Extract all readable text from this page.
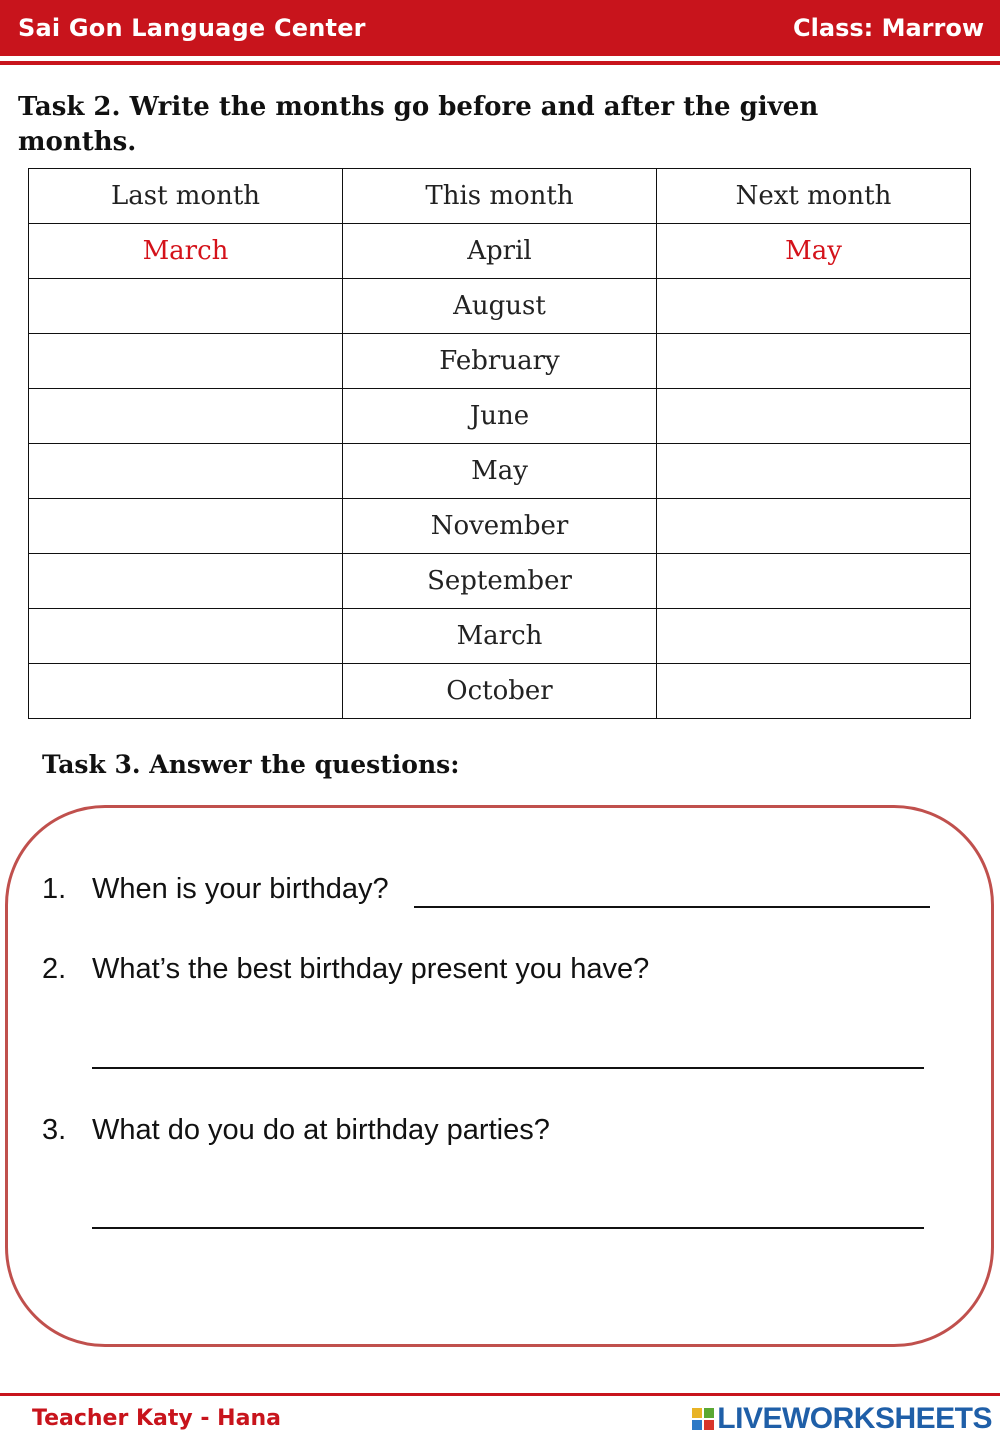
Sai Gon Language Center	Class: Marrow
Task 2. Write the months go before and after the given months.
Last month	This month	Next month
March	April	May
	August	
	February	
	June	
	May	
	November	
	September	
	March	
	October	
Task 3. Answer the questions:
1. When is your birthday?
2. What’s the best birthday present you have?
3. What do you do at birthday parties?
Teacher Katy - Hana	LIVEWORKSHEETS
